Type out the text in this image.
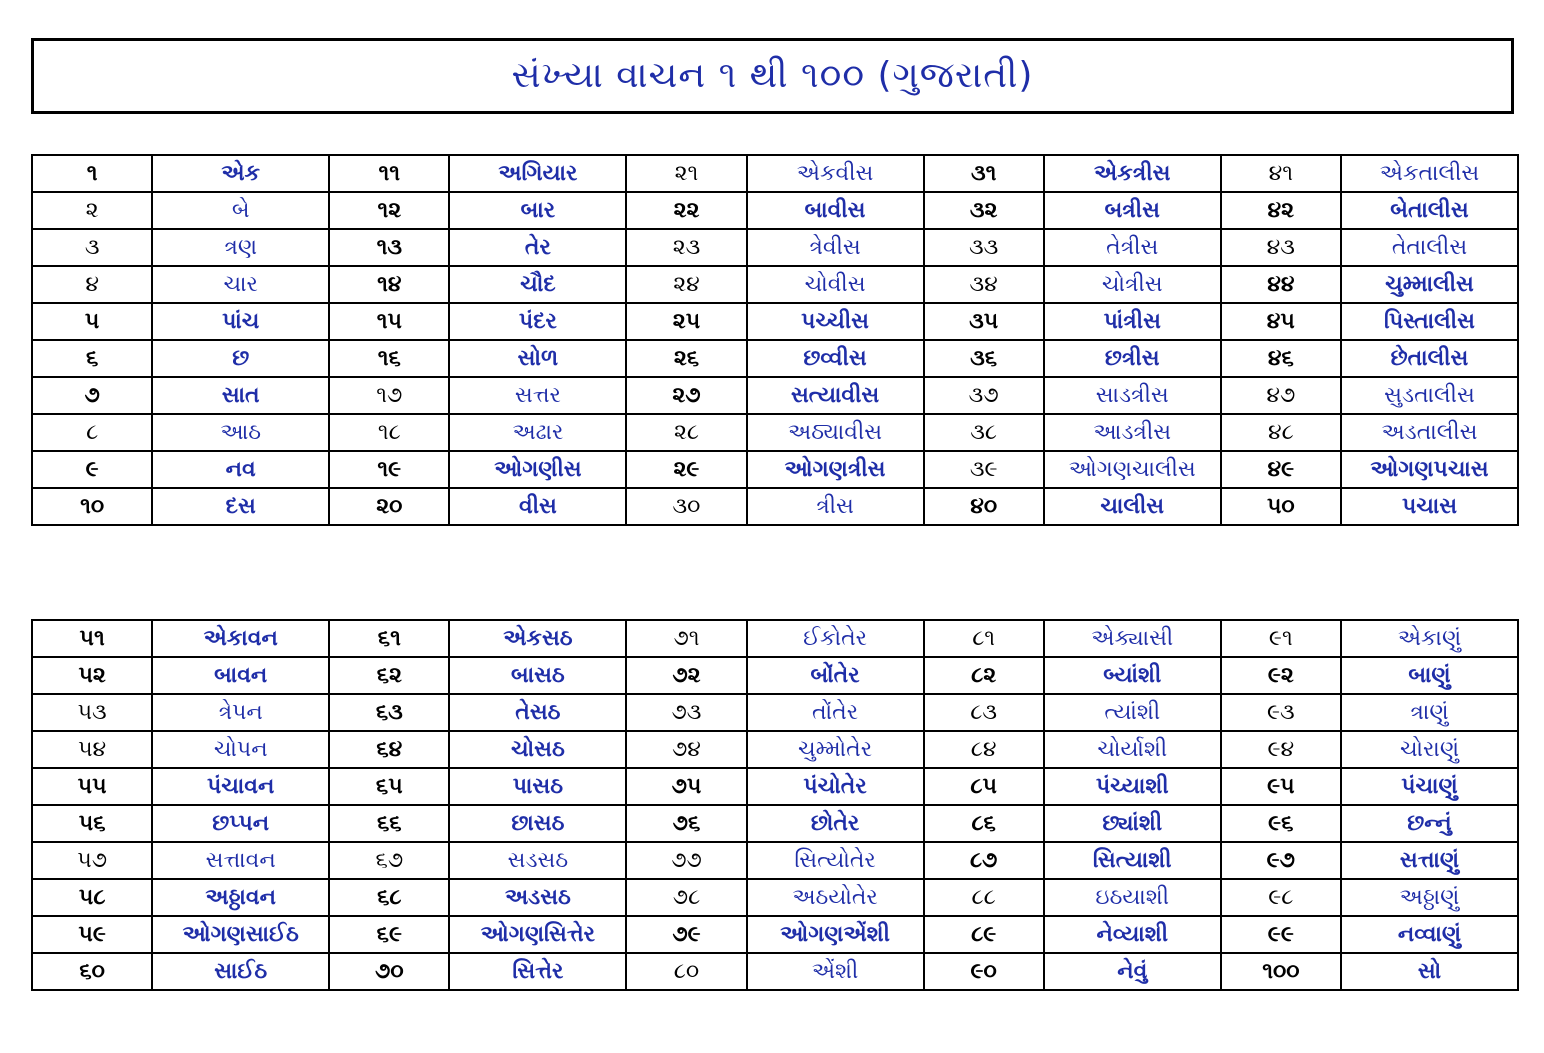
સંખ્યા વાચન ૧ થી ૧૦૦ (ગુજરાતી)
૧	એક	૧૧	અગિયાર	૨૧	એકવીસ	૩૧	એકત્રીસ	૪૧	એકતાલીસ
૨	બે	૧૨	બાર	૨૨	બાવીસ	૩૨	બત્રીસ	૪૨	બેતાલીસ
૩	ત્રણ	૧૩	તેર	૨૩	ત્રેવીસ	૩૩	તેત્રીસ	૪૩	તેતાલીસ
૪	ચાર	૧૪	ચૌદ	૨૪	ચોવીસ	૩૪	ચોત્રીસ	૪૪	ચુમ્માલીસ
૫	પાંચ	૧૫	પંદર	૨૫	પચ્ચીસ	૩૫	પાંત્રીસ	૪૫	પિસ્તાલીસ
૬	છ	૧૬	સોળ	૨૬	છવ્વીસ	૩૬	છત્રીસ	૪૬	છેતાલીસ
૭	સાત	૧૭	સત્તર	૨૭	સત્યાવીસ	૩૭	સાડત્રીસ	૪૭	સુડતાલીસ
૮	આઠ	૧૮	અઢાર	૨૮	અઠ્યાવીસ	૩૮	આડત્રીસ	૪૮	અડતાલીસ
૯	નવ	૧૯	ઓગણીસ	૨૯	ઓગણત્રીસ	૩૯	ઓગણચાલીસ	૪૯	ઓગણપચાસ
૧૦	દસ	૨૦	વીસ	૩૦	ત્રીસ	૪૦	ચાલીસ	૫૦	પચાસ
૫૧	એકાવન	૬૧	એકસઠ	૭૧	ઈકોતેર	૮૧	એક્યાસી	૯૧	એકાણું
૫૨	બાવન	૬૨	બાસઠ	૭૨	બોંતેર	૮૨	બ્યાંશી	૯૨	બાણું
૫૩	ત્રેપન	૬૩	તેસઠ	૭૩	તોંતેર	૮૩	ત્યાંશી	૯૩	ત્રાણું
૫૪	ચોપન	૬૪	ચોસઠ	૭૪	ચુમ્મોતેર	૮૪	ચોર્યાશી	૯૪	ચોરાણું
૫૫	પંચાવન	૬૫	પાસઠ	૭૫	પંચોતેર	૮૫	પંચ્યાશી	૯૫	પંચાણું
૫૬	છપ્પન	૬૬	છાસઠ	૭૬	છોતેર	૮૬	છ્યાંશી	૯૬	છન્નું
૫૭	સત્તાવન	૬૭	સડસઠ	૭૭	સિત્યોતેર	૮૭	સિત્યાશી	૯૭	સત્તાણું
૫૮	અઠ્ઠાવન	૬૮	અડસઠ	૭૮	અઠયોતેર	૮૮	ઇઠયાશી	૯૮	અઠ્ઠાણું
૫૯	ઓગણસાઈઠ	૬૯	ઓગણસિત્તેર	૭૯	ઓગણએંશી	૮૯	નેવ્યાશી	૯૯	નવ્વાણું
૬૦	સાઈઠ	૭૦	સિત્તેર	૮૦	એંશી	૯૦	નેવું	૧૦૦	સો
